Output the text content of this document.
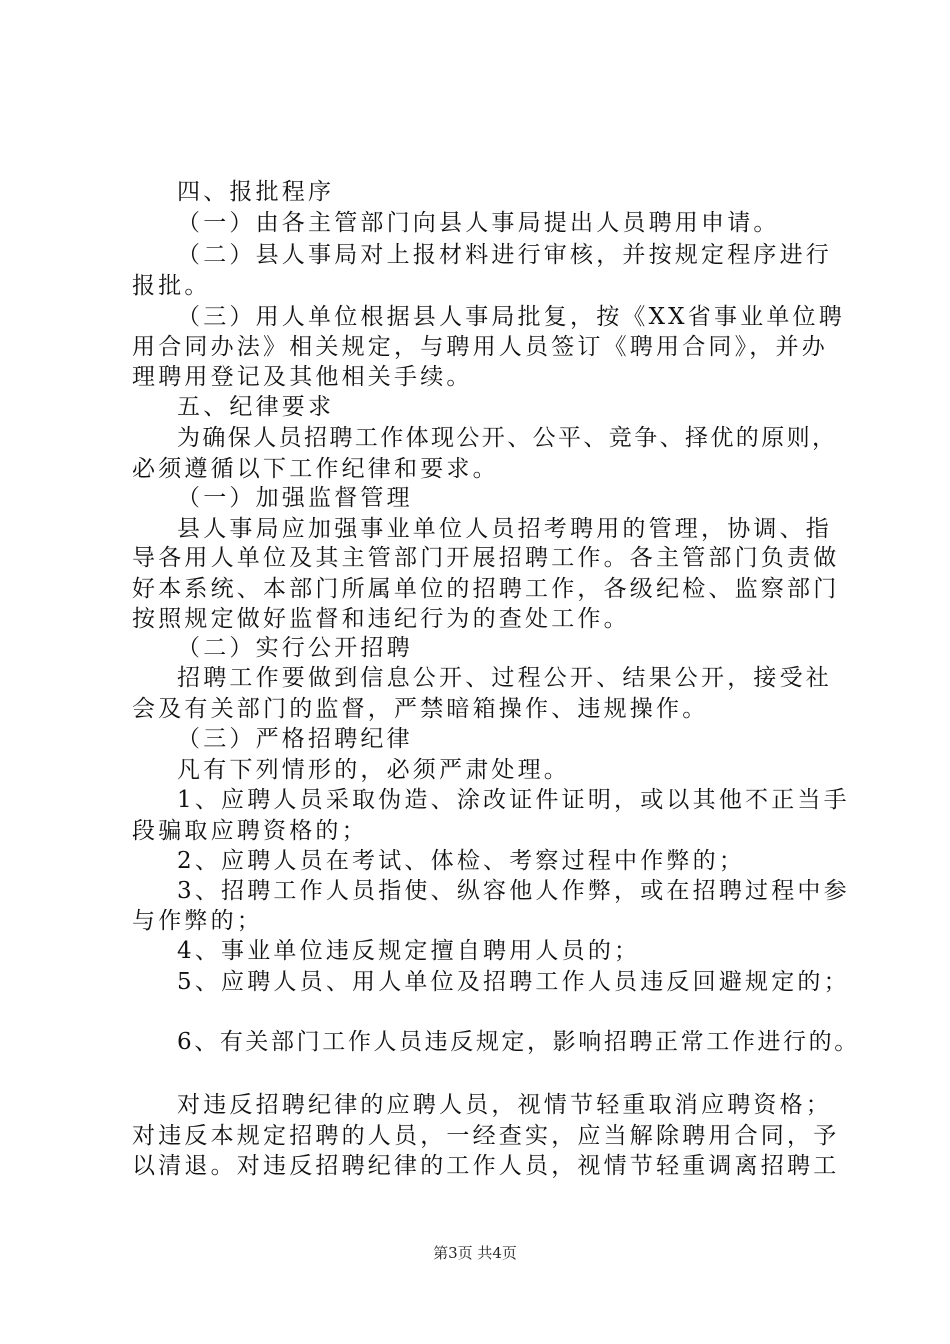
四、报批程序
（一）由各主管部门向县人事局提出人员聘用申请。
（二）县人事局对上报材料进行审核，并按规定程序进行
报批。
（三）用人单位根据县人事局批复，按《XX省事业单位聘
用合同办法》相关规定，与聘用人员签订《聘用合同》，并办
理聘用登记及其他相关手续。
五、纪律要求
为确保人员招聘工作体现公开、公平、竞争、择优的原则，
必须遵循以下工作纪律和要求。
（一）加强监督管理
县人事局应加强事业单位人员招考聘用的管理，协调、指
导各用人单位及其主管部门开展招聘工作。各主管部门负责做
好本系统、本部门所属单位的招聘工作，各级纪检、监察部门
按照规定做好监督和违纪行为的查处工作。
（二）实行公开招聘
招聘工作要做到信息公开、过程公开、结果公开，接受社
会及有关部门的监督，严禁暗箱操作、违规操作。
（三）严格招聘纪律
凡有下列情形的，必须严肃处理。
1、应聘人员采取伪造、涂改证件证明，或以其他不正当手
段骗取应聘资格的；
2、应聘人员在考试、体检、考察过程中作弊的；
3、招聘工作人员指使、纵容他人作弊，或在招聘过程中参
与作弊的；
4、事业单位违反规定擅自聘用人员的；
5、应聘人员、用人单位及招聘工作人员违反回避规定的；
6、有关部门工作人员违反规定，影响招聘正常工作进行的。
对违反招聘纪律的应聘人员，视情节轻重取消应聘资格；
对违反本规定招聘的人员，一经查实，应当解除聘用合同，予
以清退。对违反招聘纪律的工作人员，视情节轻重调离招聘工
第3页 共4页
